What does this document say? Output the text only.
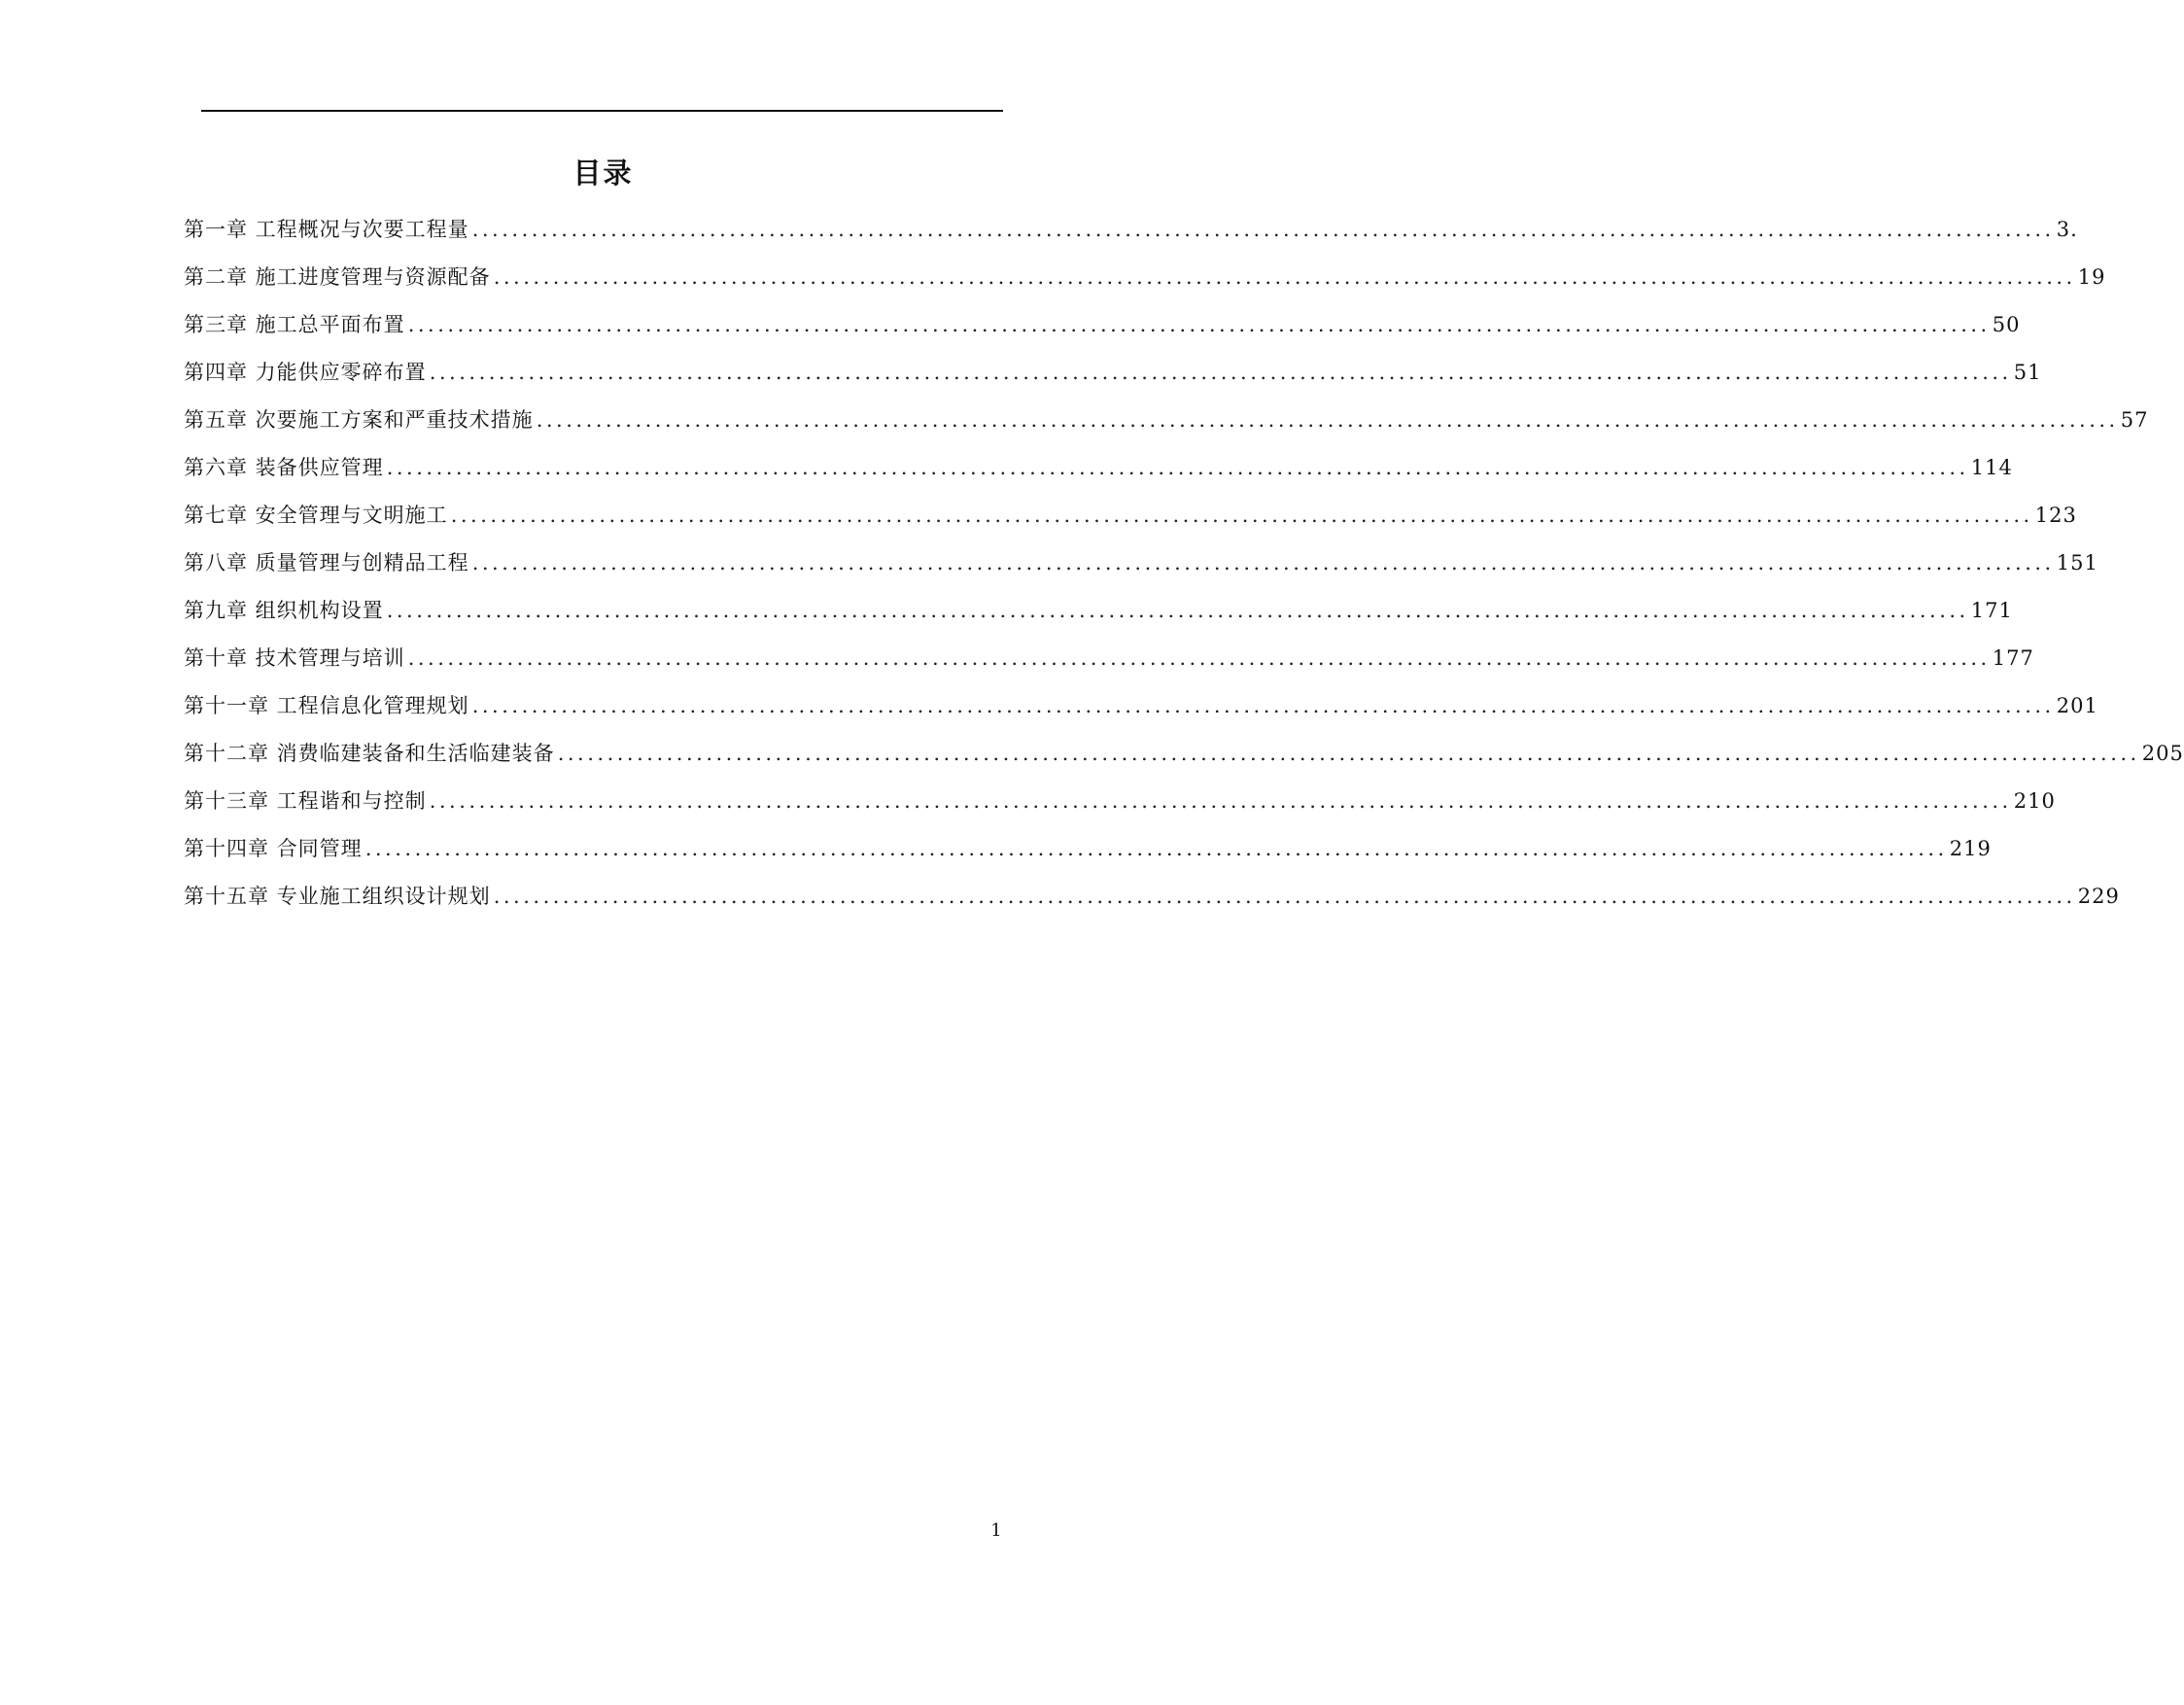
目录
第一章 工程概况与次要工程量 ................................................................................................................................................................ 3.
第二章 施工进度管理与资源配备 ................................................................................................................................................................ 19
第三章 施工总平面布置 ................................................................................................................................................................ 50
第四章 力能供应零碎布置 ................................................................................................................................................................ 51
第五章 次要施工方案和严重技术措施 ................................................................................................................................................................ 57
第六章 装备供应管理 ................................................................................................................................................................ 114
第七章 安全管理与文明施工 ................................................................................................................................................................ 123
第八章 质量管理与创精品工程 ................................................................................................................................................................ 151
第九章 组织机构设置 ................................................................................................................................................................ 171
第十章 技术管理与培训 ................................................................................................................................................................ 177
第十一章 工程信息化管理规划 ................................................................................................................................................................ 201
第十二章 消费临建装备和生活临建装备 ................................................................................................................................................................ 205
第十三章 工程谐和与控制 ................................................................................................................................................................ 210
第十四章 合同管理 ................................................................................................................................................................ 219
第十五章 专业施工组织设计规划 ................................................................................................................................................................ 229
1
